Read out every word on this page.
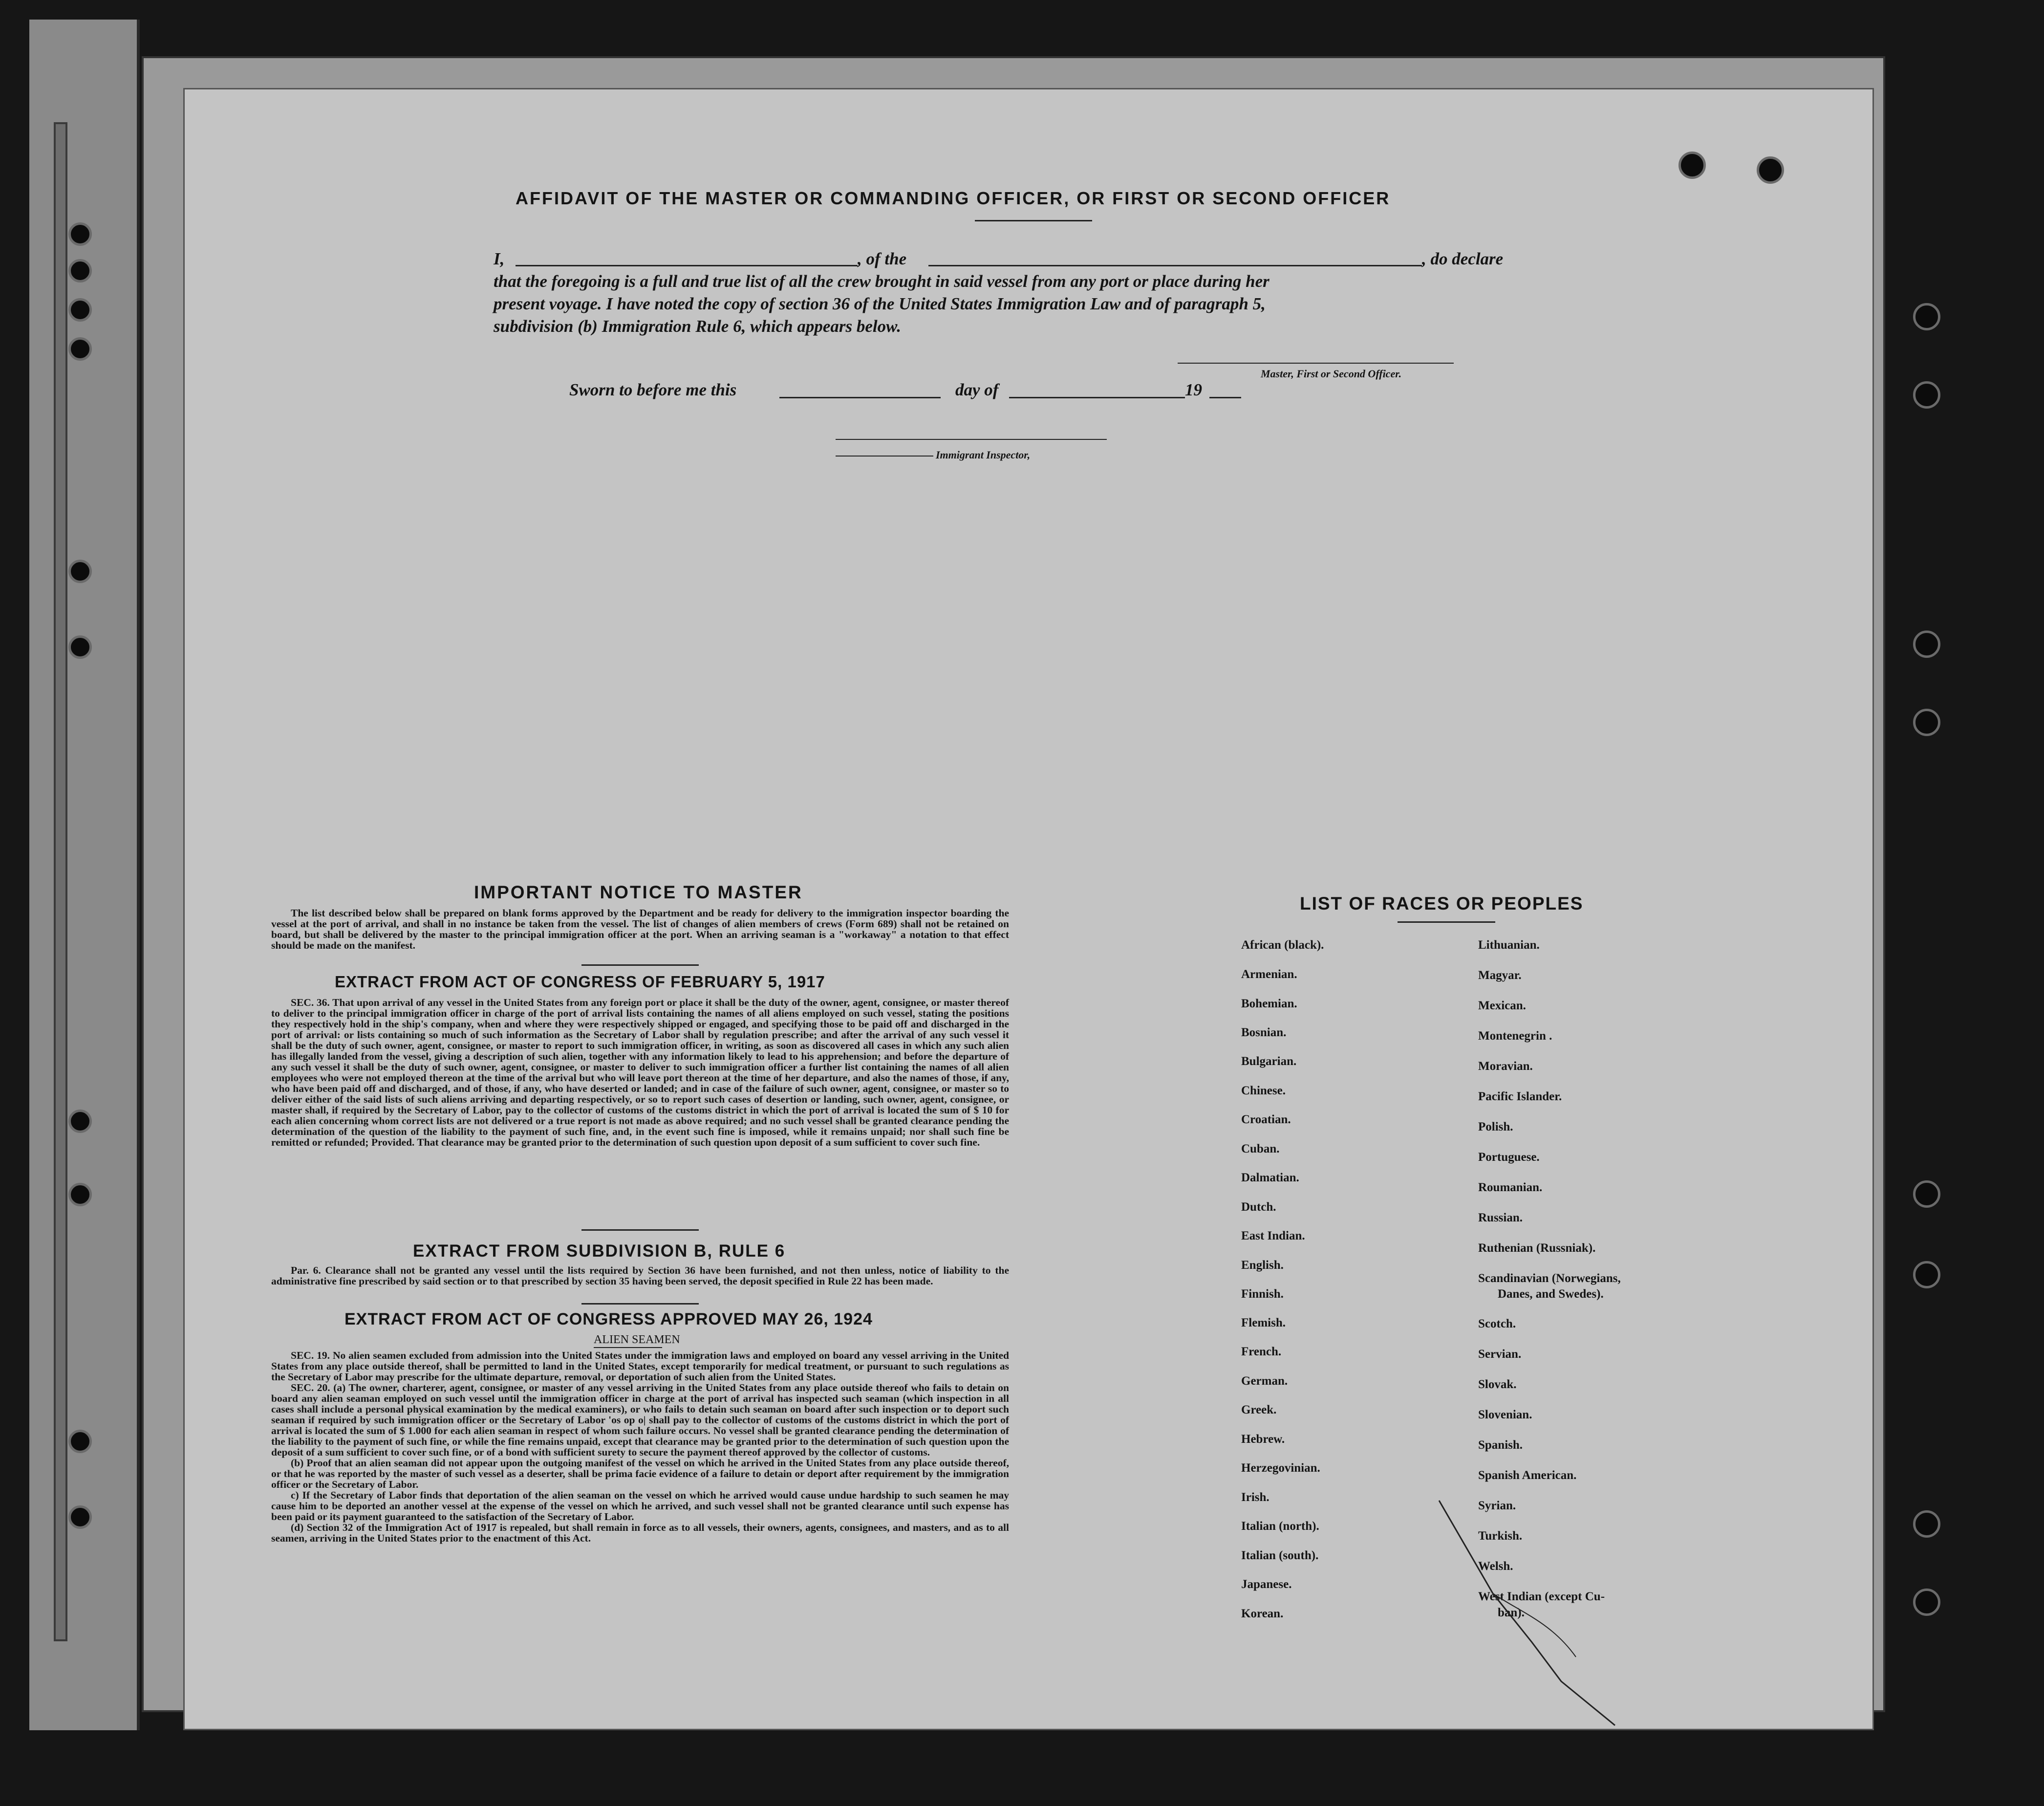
AFFIDAVIT OF THE MASTER OR COMMANDING OFFICER, OR FIRST OR SECOND OFFICER
I,	, of the	, do declare
that the foregoing is a full and true list of all the crew brought in said vessel from any port or place during her
present voyage. I have noted the copy of section 36 of the United States Immigration Law and of paragraph 5,
subdivision (b) Immigration Rule 6, which appears below.
Master, First or Second Officer.
Sworn to before me this	day of	19
Immigrant Inspector,
IMPORTANT NOTICE TO MASTER

The list described below shall be prepared on blank forms approved by the Department and be ready for delivery to the immigration inspector boarding the vessel at the port of arrival, and shall in no instance be taken from the vessel. The list of changes of alien members of crews (Form 689) shall not be retained on board, but shall be delivered by the master to the principal immigration officer at the port. When an arriving seaman is a "workaway" a notation to that effect should be made on the manifest.

EXTRACT FROM ACT OF CONGRESS OF FEBRUARY 5, 1917

SEC. 36. That upon arrival of any vessel in the United States from any foreign port or place it shall be the duty of the owner, agent, consignee, or master thereof to deliver to the principal immigration officer in charge of the port of arrival lists containing the names of all aliens employed on such vessel, stating the positions they respectively hold in the ship's company, when and where they were respectively shipped or engaged, and specifying those to be paid off and discharged in the port of arrival: or lists containing so much of such information as the Secretary of Labor shall by regulation prescribe; and after the arrival of any such vessel it shall be the duty of such owner, agent, consignee, or master to report to such immigration officer, in writing, as soon as discovered all cases in which any such alien has illegally landed from the vessel, giving a description of such alien, together with any information likely to lead to his apprehension; and before the departure of any such vessel it shall be the duty of such owner, agent, consignee, or master to deliver to such immigration officer a further list containing the names of all alien employees who were not employed thereon at the time of the arrival but who will leave port thereon at the time of her departure, and also the names of those, if any, who have been paid off and discharged, and of those, if any, who have deserted or landed; and in case of the failure of such owner, agent, consignee, or master so to deliver either of the said lists of such aliens arriving and departing respectively, or so to report such cases of desertion or landing, such owner, agent, consignee, or master shall, if required by the Secretary of Labor, pay to the collector of customs of the customs district in which the port of arrival is located the sum of $ 10 for each alien concerning whom correct lists are not delivered or a true report is not made as above required; and no such vessel shall be granted clearance pending the determination of the question of the liability to the payment of such fine, and, in the event such fine is imposed, while it remains unpaid; nor shall such fine be remitted or refunded; Provided. That clearance may be granted prior to the determination of such question upon deposit of a sum sufficient to cover such fine.

EXTRACT FROM SUBDIVISION B, RULE 6

Par. 6. Clearance shall not be granted any vessel until the lists required by Section 36 have been furnished, and not then unless, notice of liability to the administrative fine prescribed by said section or to that prescribed by section 35 having been served, the deposit specified in Rule 22 has been made.

EXTRACT FROM ACT OF CONGRESS APPROVED MAY 26, 1924
ALIEN SEAMEN

SEC. 19. No alien seamen excluded from admission into the United States under the immigration laws and employed on board any vessel arriving in the United States from any place outside thereof, shall be permitted to land in the United States, except temporarily for medical treatment, or pursuant to such regulations as the Secretary of Labor may prescribe for the ultimate departure, removal, or deportation of such alien from the United States.

SEC. 20. (a) The owner, charterer, agent, consignee, or master of any vessel arriving in the United States from any place outside thereof who fails to detain on board any alien seaman employed on such vessel until the immigration officer in charge at the port of arrival has inspected such seaman (which inspection in all cases shall include a personal physical examination by the medical examiners), or who fails to detain such seaman on board after such inspection or to deport such seaman if required by such immigration officer or the Secretary of Labor 'os op o| shall pay to the collector of customs of the customs district in which the port of arrival is located the sum of $ 1.000 for each alien seaman in respect of whom such failure occurs. No vessel shall be granted clearance pending the determination of the liability to the payment of such fine, or while the fine remains unpaid, except that clearance may be granted prior to the determination of such question upon the deposit of a sum sufficient to cover such fine, or of a bond with sufficient surety to secure the payment thereof approved by the collector of customs.

(b) Proof that an alien seaman did not appear upon the outgoing manifest of the vessel on which he arrived in the United States from any place outside thereof, or that he was reported by the master of such vessel as a deserter, shall be prima facie evidence of a failure to detain or deport after requirement by the immigration officer or the Secretary of Labor.

c) If the Secretary of Labor finds that deportation of the alien seaman on the vessel on which he arrived would cause undue hardship to such seamen he may cause him to be deported an another vessel at the expense of the vessel on which he arrived, and such vessel shall not be granted clearance until such expense has been paid or its payment guaranteed to the satisfaction of the Secretary of Labor.

(d) Section 32 of the Immigration Act of 1917 is repealed, but shall remain in force as to all vessels, their owners, agents, consignees, and masters, and as to all seamen, arriving in the United States prior to the enactment of this Act.

LIST OF RACES OR PEOPLES
African (black).
Armenian.
Bohemian.
Bosnian.
Bulgarian.
Chinese.
Croatian.
Cuban.
Dalmatian.
Dutch.
East Indian.
English.
Finnish.
Flemish.
French.
German.
Greek.
Hebrew.
Herzegovinian.
Irish.
Italian (north).
Italian (south).
Japanese.
Korean.
Lithuanian.
Magyar.
Mexican.
Montenegrin .
Moravian.
Pacific Islander.
Polish.
Portuguese.
Roumanian.
Russian.
Ruthenian (Russniak).
Scandinavian (Norwegians,
Danes, and Swedes).
Scotch.
Servian.
Slovak.
Slovenian.
Spanish.
Spanish American.
Syrian.
Turkish.
Welsh.
West Indian (except Cu-
ban).
